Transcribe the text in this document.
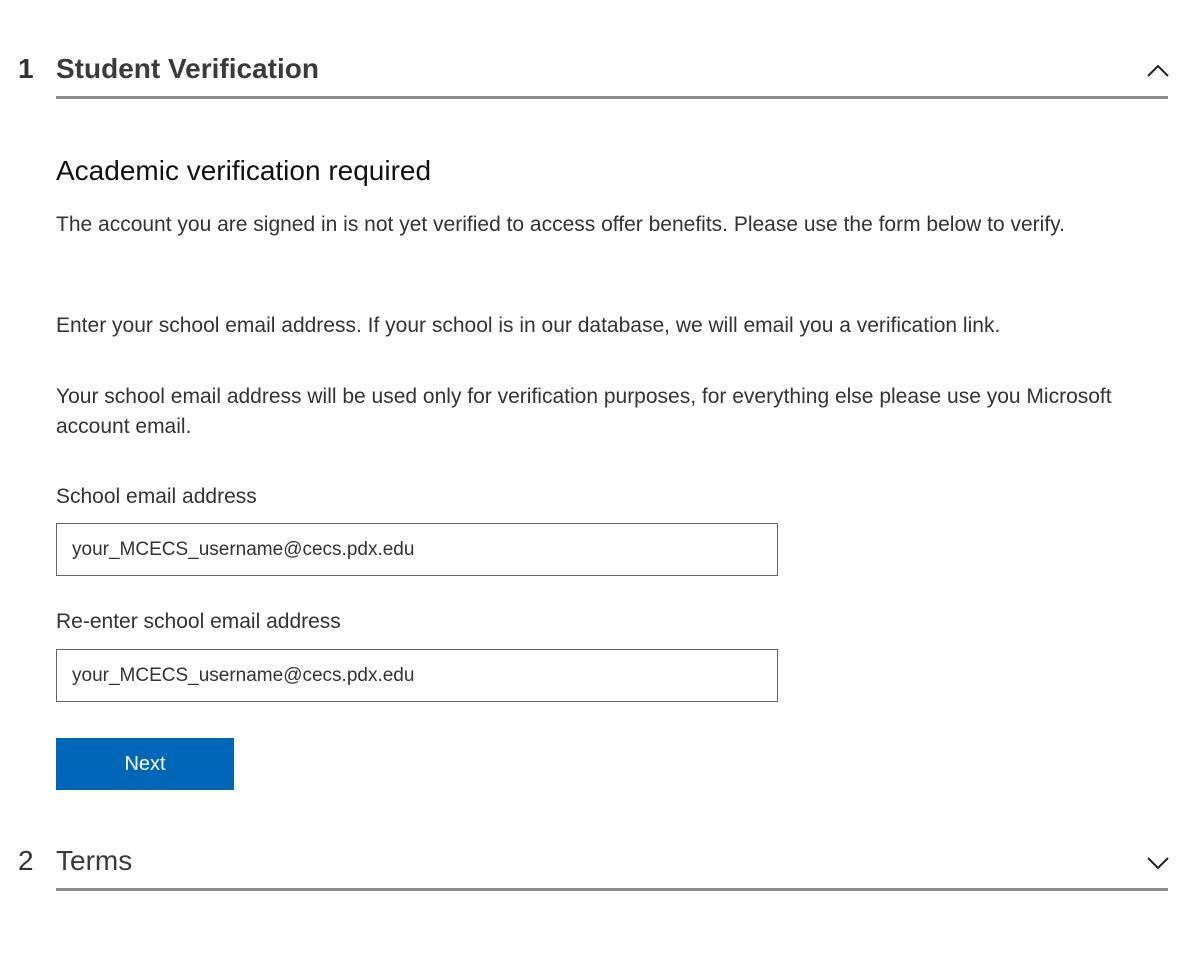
1 Student Verification
Academic verification required

The account you are signed in is not yet verified to access offer benefits. Please use the form below to verify.

Enter your school email address. If your school is in our database, we will email you a verification link.

Your school email address will be used only for verification purposes, for everything else please use you Microsoft account email.

School email address
your_MCECS_username@cecs.pdx.edu
Re-enter school email address
your_MCECS_username@cecs.pdx.edu
Next
2 Terms
